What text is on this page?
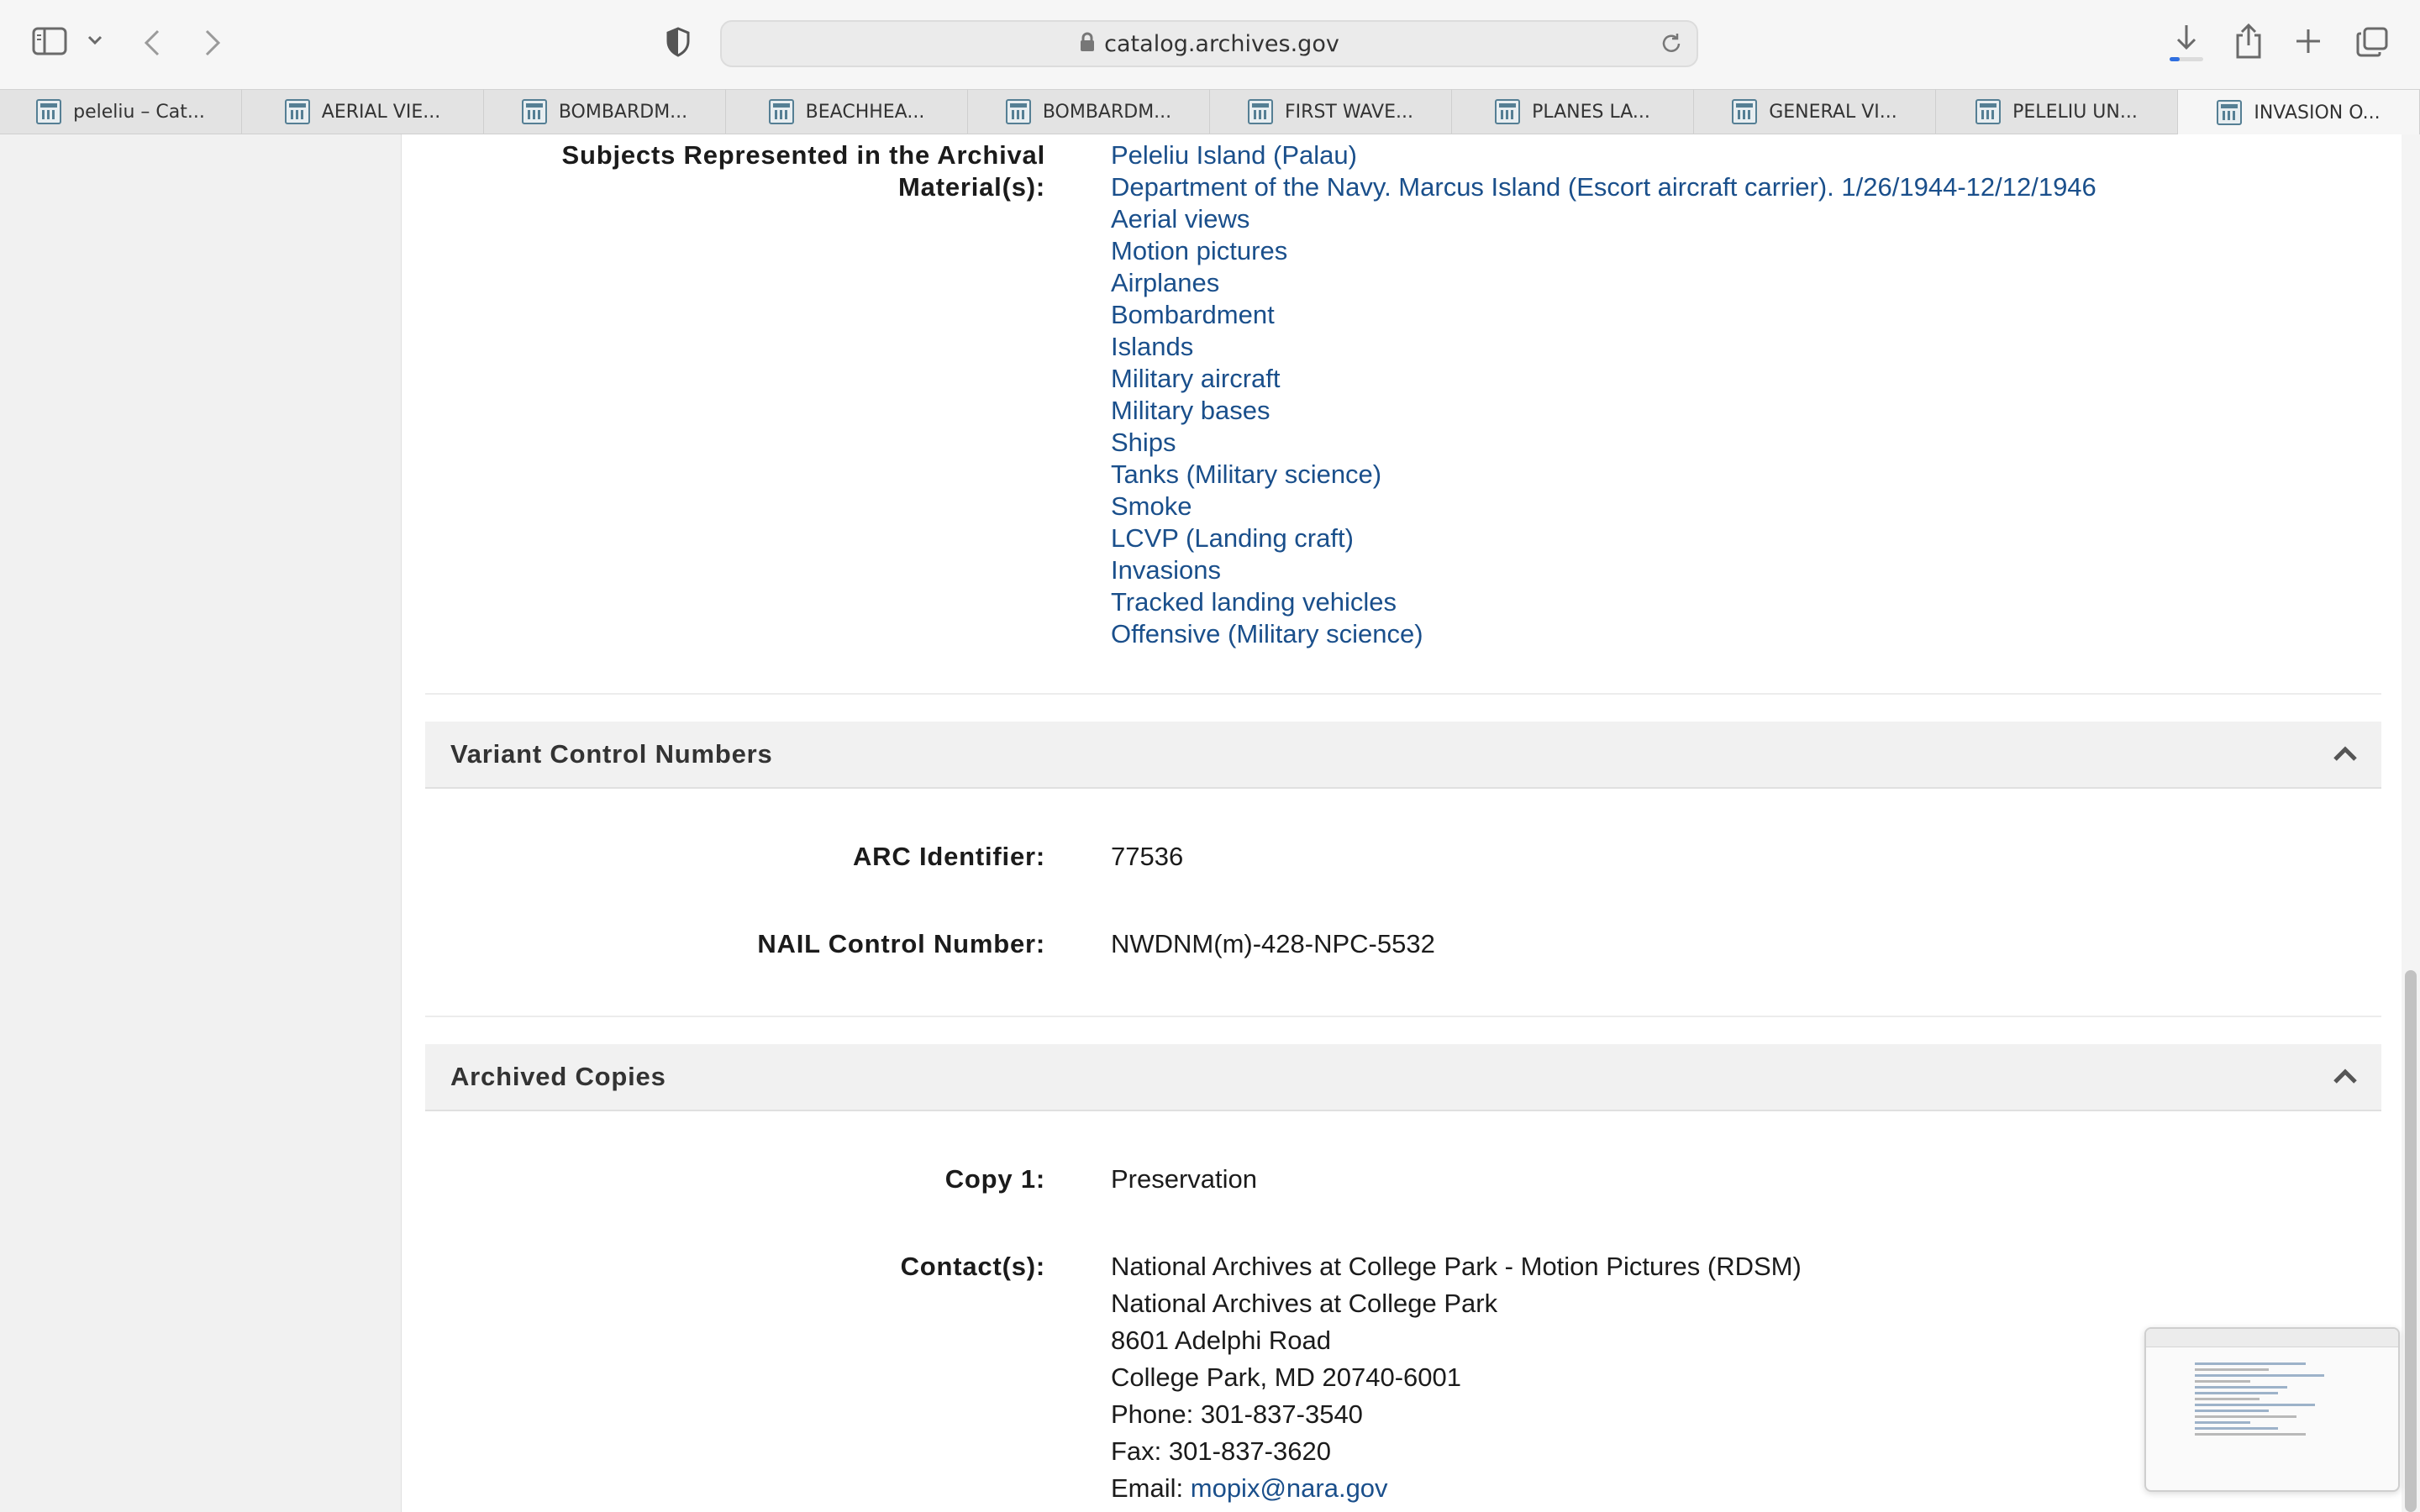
catalog.archives.gov
peleliu – Cat...	AERIAL VIE...	BOMBARDM...	BEACHHEA...	BOMBARDM...	FIRST WAVE...	PLANES LA...	GENERAL VI...	PELELIU UN...	INVASION O...
Subjects Represented in the Archival
Material(s):
Peleliu Island (Palau)
Department of the Navy. Marcus Island (Escort aircraft carrier). 1/26/1944-12/12/1946
Aerial views
Motion pictures
Airplanes
Bombardment
Islands
Military aircraft
Military bases
Ships
Tanks (Military science)
Smoke
LCVP (Landing craft)
Invasions
Tracked landing vehicles
Offensive (Military science)
Variant Control Numbers
ARC Identifier:	77536
NAIL Control Number:	NWDNM(m)-428-NPC-5532
Archived Copies
Copy 1:	Preservation
Contact(s):	National Archives at College Park - Motion Pictures (RDSM)
National Archives at College Park
8601 Adelphi Road
College Park, MD 20740-6001
Phone: 301-837-3540
Fax: 301-837-3620
Email: mopix@nara.gov
